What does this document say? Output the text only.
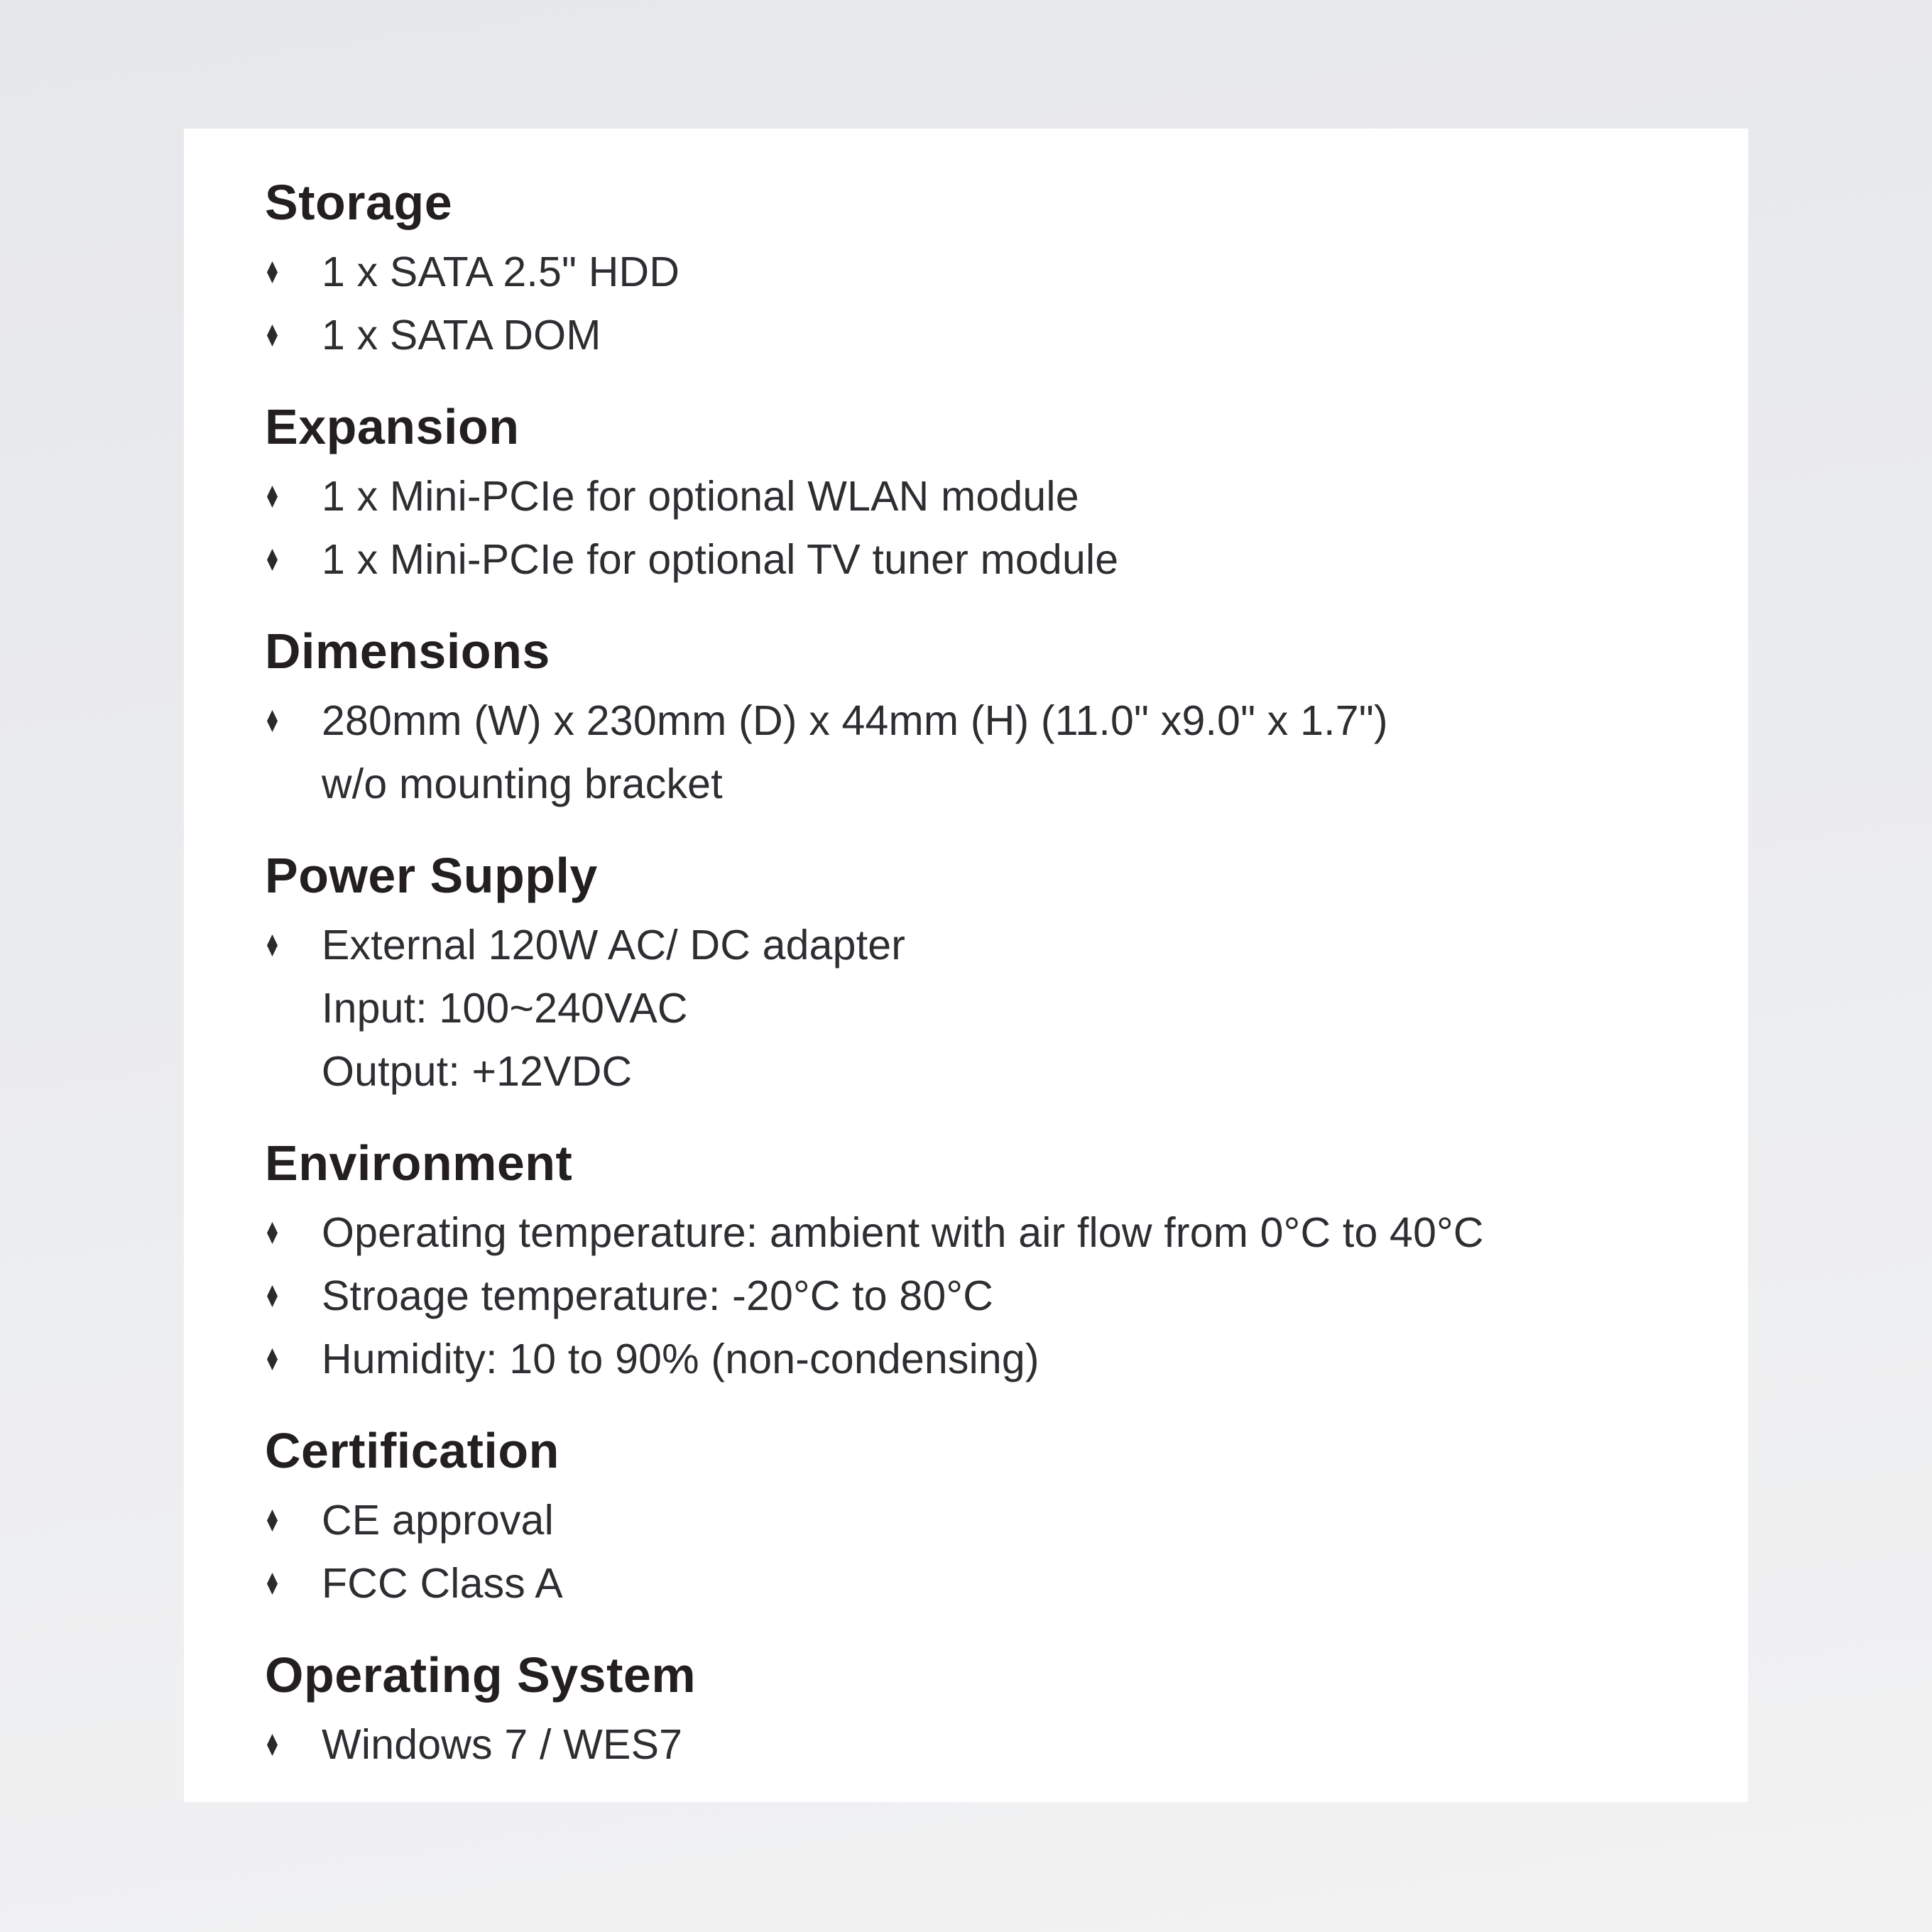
Storage
1 x SATA 2.5" HDD
1 x SATA DOM
Expansion
1 x Mini-PCIe for optional WLAN module
1 x Mini-PCIe for optional TV tuner module
Dimensions
280mm (W) x 230mm (D) x 44mm (H) (11.0" x9.0" x 1.7")
w/o mounting bracket
Power Supply
External 120W AC/ DC adapter
Input: 100~240VAC
Output: +12VDC
Environment
Operating temperature: ambient with air flow from 0°C to 40°C
Stroage temperature: -20°C to 80°C
Humidity: 10 to 90% (non-condensing)
Certification
CE approval
FCC Class A
Operating System
Windows 7 / WES7
